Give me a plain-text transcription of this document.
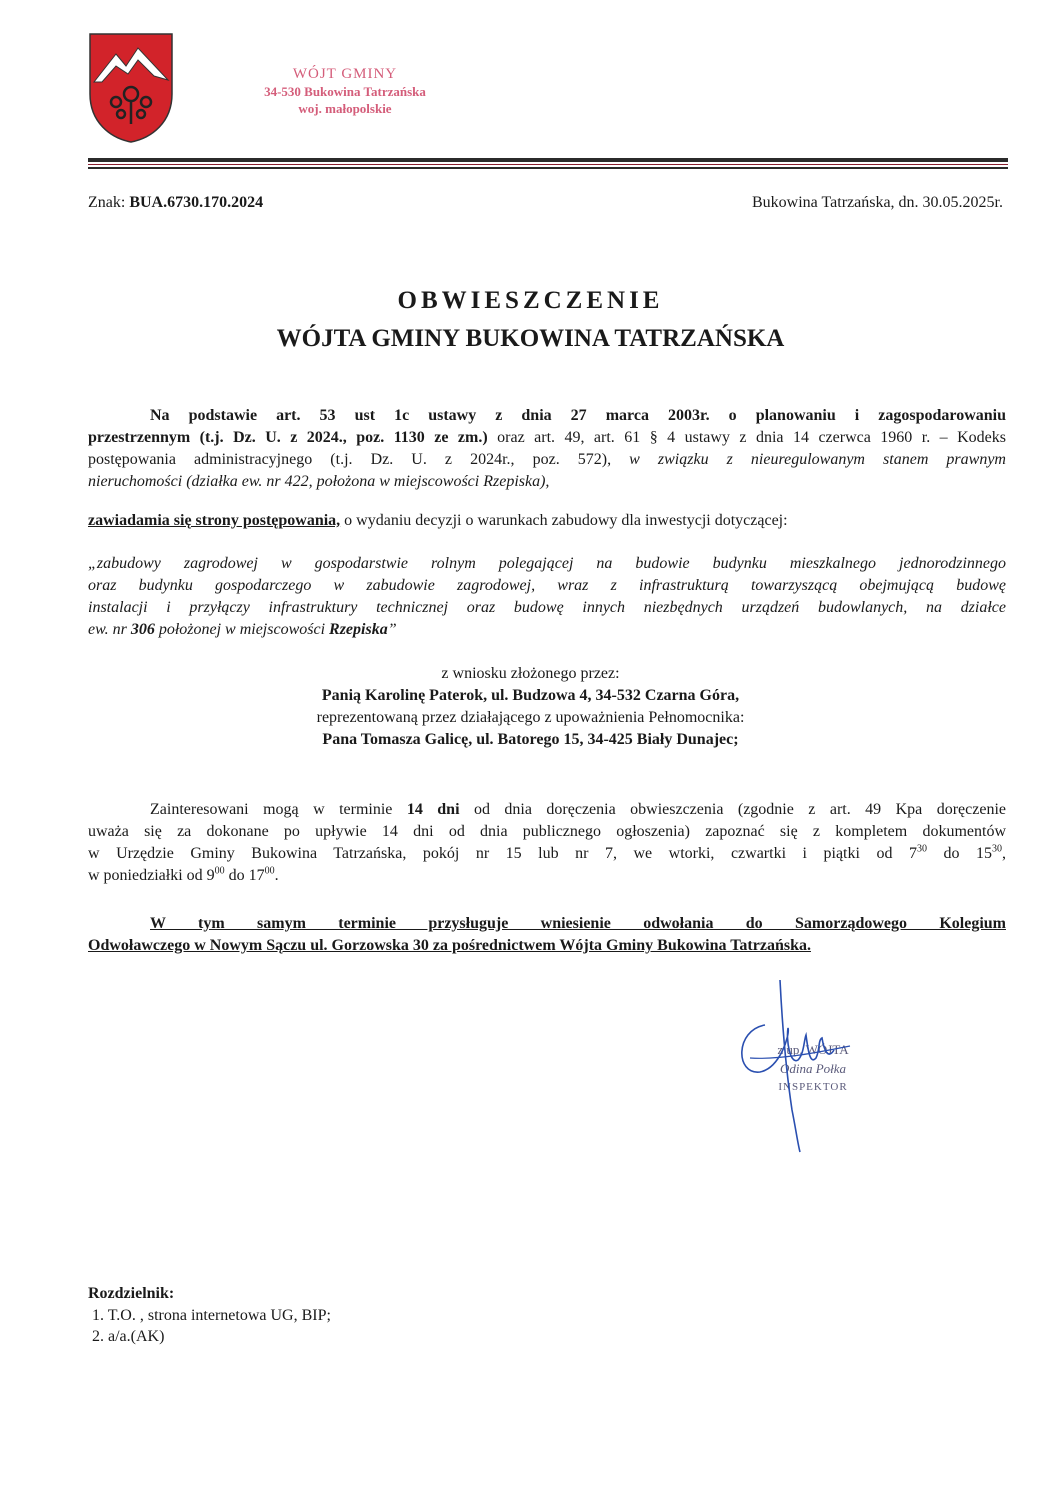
WÓJT GMINY
34-530 Bukowina Tatrzańska
woj. małopolskie
Znak: BUA.6730.170.2024	Bukowina Tatrzańska, dn. 30.05.2025r.
OBWIESZCZENIE
WÓJTA GMINY BUKOWINA TATRZAŃSKA
Na podstawie art. 53 ust 1c ustawy z dnia 27 marca 2003r. o planowaniu i zagospodarowaniu
przestrzennym (t.j. Dz. U. z 2024., poz. 1130 ze zm.) oraz art. 49, art. 61 § 4 ustawy z dnia 14 czerwca 1960 r. – Kodeks
postępowania administracyjnego (t.j. Dz. U. z 2024r., poz. 572), w związku z nieuregulowanym stanem prawnym
nieruchomości (działka ew. nr 422, położona w miejscowości Rzepiska),
zawiadamia się strony postępowania, o wydaniu decyzji o warunkach zabudowy dla inwestycji dotyczącej:
„zabudowy zagrodowej w gospodarstwie rolnym polegającej na budowie budynku mieszkalnego jednorodzinnego
oraz budynku gospodarczego w zabudowie zagrodowej, wraz z infrastrukturą towarzyszącą obejmującą budowę
instalacji i przyłączy infrastruktury technicznej oraz budowę innych niezbędnych urządzeń budowlanych, na działce
ew. nr 306 położonej w miejscowości Rzepiska”
z wniosku złożonego przez:
Panią Karolinę Paterok, ul. Budzowa 4, 34-532 Czarna Góra,
reprezentowaną przez działającego z upoważnienia Pełnomocnika:
Pana Tomasza Galicę, ul. Batorego 15, 34-425 Biały Dunajec;
Zainteresowani mogą w terminie 14 dni od dnia doręczenia obwieszczenia (zgodnie z art. 49 Kpa doręczenie
uważa się za dokonane po upływie 14 dni od dnia publicznego ogłoszenia) zapoznać się z kompletem dokumentów
w Urzędzie Gminy Bukowina Tatrzańska, pokój nr 15 lub nr 7, we wtorki, czwartki i piątki od $7^{30}$ do $15^{30}$,
w poniedziałki od $9^{00}$ do $17^{00}$.
W tym samym terminie przysługuje wniesienie odwołania do Samorządowego Kolegium
Odwoławczego w Nowym Sączu ul. Gorzowska 30 za pośrednictwem Wójta Gminy Bukowina Tatrzańska.
z up. WÓJTA
Odina Połka
INSPEKTOR
Rozdzielnik:
1. T.O. , strona internetowa UG, BIP;
2. a/a.(AK)
